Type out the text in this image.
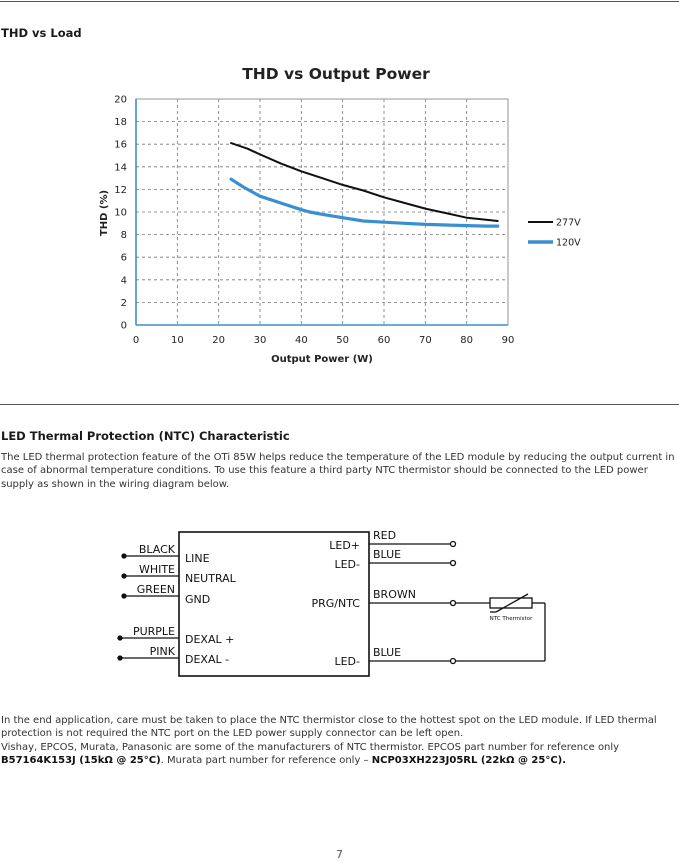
THD vs Load
THD vs Output Power
0	10	20	30	40	50	60	70	80	90
0
2
4
6
8
10
12
14
16
18
20
277V
120V
Output Power (W)
THD (%)
LED Thermal Protection (NTC) Characteristic
The LED thermal protection feature of the OTi 85W helps reduce the temperature of the LED module by reducing the output current in case of abnormal temperature conditions. To use this feature a third party NTC thermistor should be connected to the LED power supply as shown in the wiring diagram below.
BLACK
WHITE
GREEN
PURPLE
PINK
LINE
NEUTRAL
GND
DEXAL +
DEXAL -
LED+
LED-
PRG/NTC
LED-
RED
BLUE
BROWN
BLUE
NTC Thermistor
In the end application, care must be taken to place the NTC thermistor close to the hottest spot on the LED module. If LED thermal protection is not required the NTC port on the LED power supply connector can be left open.
Vishay, EPCOS, Murata, Panasonic are some of the manufacturers of NTC thermistor. EPCOS part number for reference only B57164K153J (15kΩ @ 25°C). Murata part number for reference only – NCP03XH223J05RL (22kΩ @ 25°C).
7
